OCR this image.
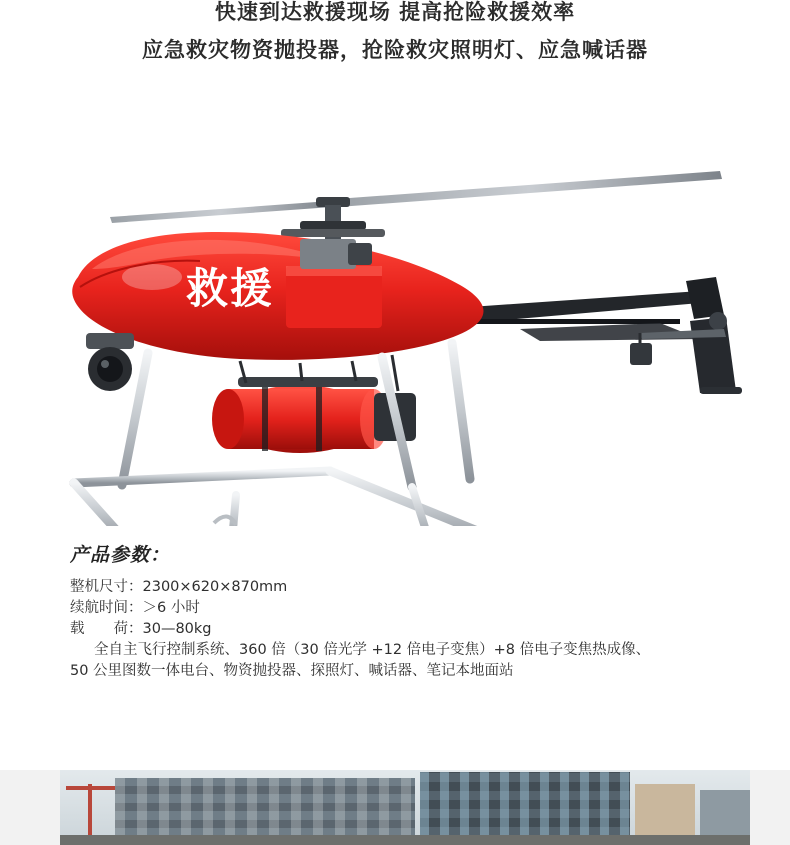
快速到达救援现场 提高抢险救援效率
应急救灾物资抛投器，抢险救灾照明灯、应急喊话器
救援
产品参数：
整机尺寸：2300×620×870mm
续航时间：＞6 小时
载　　荷：30—80kg
全自主飞行控制系统、360 倍（30 倍光学 +12 倍电子变焦）+8 倍电子变焦热成像、
50 公里图数一体电台、物资抛投器、探照灯、喊话器、笔记本地面站
